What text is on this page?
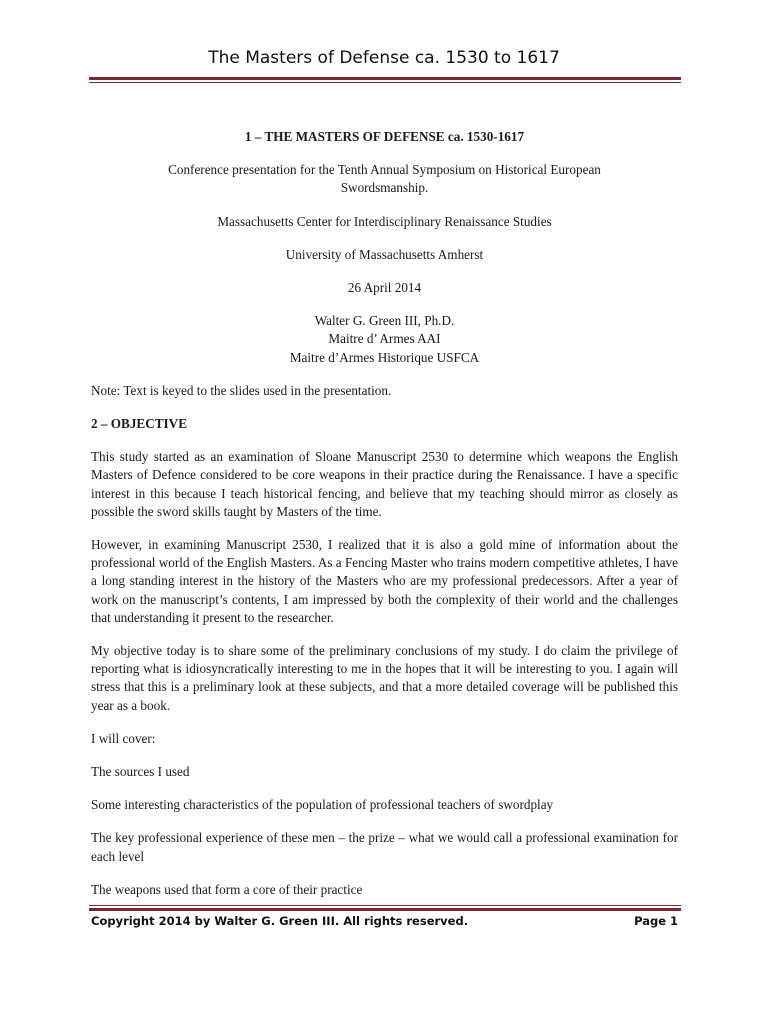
The Masters of Defense ca. 1530 to 1617
1 – THE MASTERS OF DEFENSE ca. 1530-1617
Conference presentation for the Tenth Annual Symposium on Historical European Swordsmanship.
Massachusetts Center for Interdisciplinary Renaissance Studies
University of Massachusetts Amherst
26 April 2014
Walter G. Green III, Ph.D.
Maitre d’ Armes AAI
Maitre d’Armes Historique USFCA
Note: Text is keyed to the slides used in the presentation.
2 – OBJECTIVE
This study started as an examination of Sloane Manuscript 2530 to determine which weapons the English Masters of Defence considered to be core weapons in their practice during the Renaissance. I have a specific interest in this because I teach historical fencing, and believe that my teaching should mirror as closely as possible the sword skills taught by Masters of the time.
However, in examining Manuscript 2530, I realized that it is also a gold mine of information about the professional world of the English Masters. As a Fencing Master who trains modern competitive athletes, I have a long standing interest in the history of the Masters who are my professional predecessors. After a year of work on the manuscript’s contents, I am impressed by both the complexity of their world and the challenges that understanding it present to the researcher.
My objective today is to share some of the preliminary conclusions of my study. I do claim the privilege of reporting what is idiosyncratically interesting to me in the hopes that it will be interesting to you. I again will stress that this is a preliminary look at these subjects, and that a more detailed coverage will be published this year as a book.
I will cover:
The sources I used
Some interesting characteristics of the population of professional teachers of swordplay
The key professional experience of these men – the prize – what we would call a professional examination for each level
The weapons used that form a core of their practice
Copyright 2014 by Walter G. Green III. All rights reserved.	Page 1
